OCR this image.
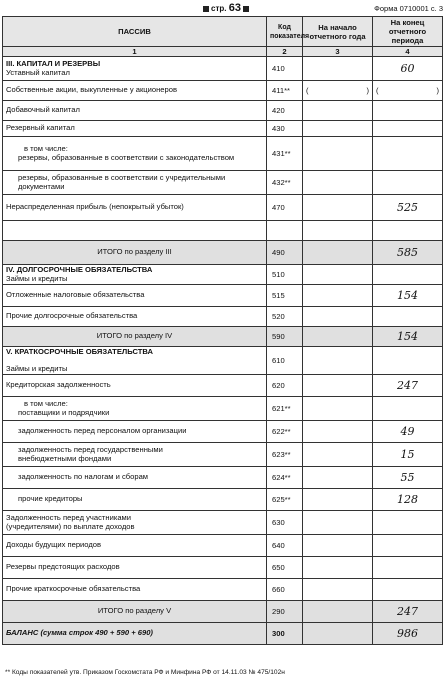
стр. 63	Форма 0710001 с. 3
ПАССИВ	Код показателя	На начало отчетного года	На конец отчетного периода
1	2	3	4
III. КАПИТАЛ И РЕЗЕРВЫ
Уставный капитал	410		60
Собственные акции, выкупленные у акционеров	411**	( )	( )

Добавочный капитал	420		
Резервный капитал	430		
в том числе:
резервы, образованные в соответствии с законодательством	431**		
резервы, образованные в соответствии с учредительными документами	432**		
Нераспределенная прибыль (непокрытый убыток)	470		525

ИТОГО по разделу III	490		585
IV. ДОЛГОСРОЧНЫЕ ОБЯЗАТЕЛЬСТВА
Займы и кредиты	510		
Отложенные налоговые обязательства	515		154
Прочие долгосрочные обязательства	520		
ИТОГО по разделу IV	590		154
V. КРАТКОСРОЧНЫЕ ОБЯЗАТЕЛЬСТВА

Займы и кредиты	610		
Кредиторская задолженность	620		247
в том числе:
поставщики и подрядчики	621**		
задолженность перед персоналом организации	622**		49
задолженность перед государственными внебюджетными фондами	623**		15
задолженность по налогам и сборам	624**		55
прочие кредиторы	625**		128
Задолженность перед участниками (учредителями) по выплате доходов	630		
Доходы будущих периодов	640		
Резервы предстоящих расходов	650		
Прочие краткосрочные обязательства	660		
ИТОГО по разделу V	290		247
БАЛАНС (сумма строк 490 + 590 + 690)	300		986
** Коды показателей утв. Приказом Госкомстата РФ и Минфина РФ от 14.11.03 № 475/102н
